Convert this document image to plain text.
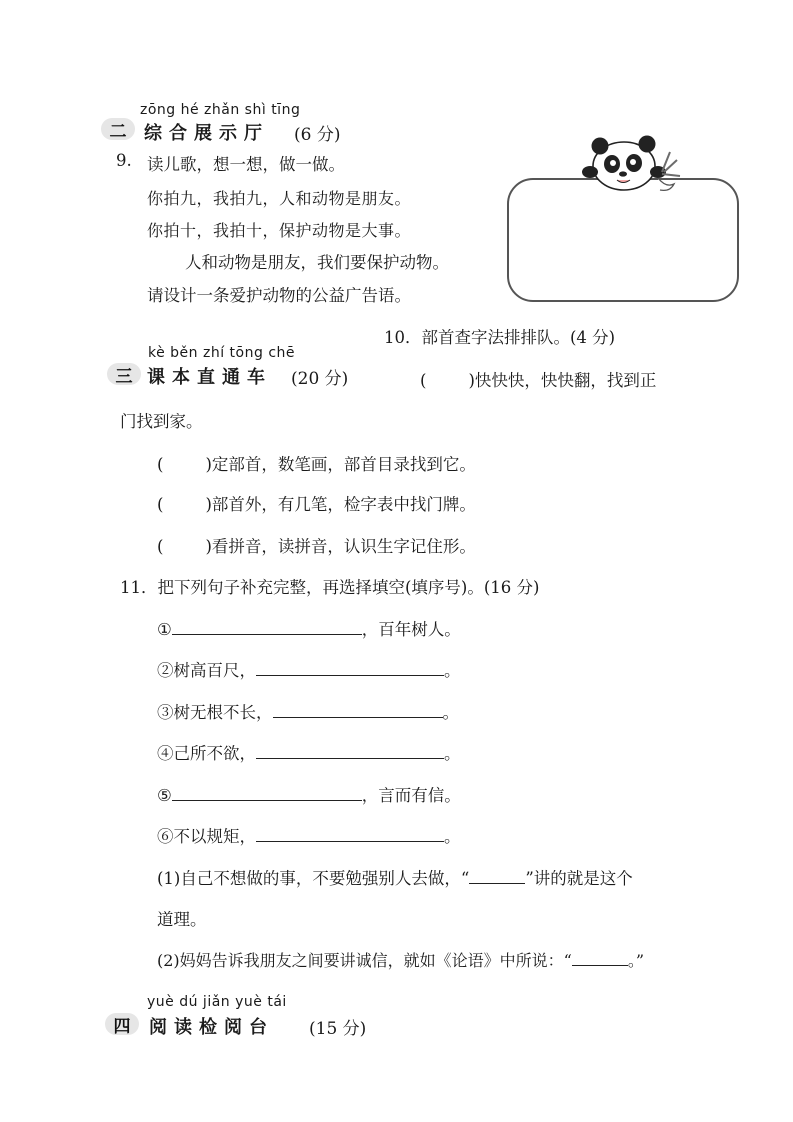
zōng hé zhǎn shì tīng
二 综合展示厅 (6 分)
9. 读儿歌，想一想，做一做。
你拍九，我拍九，人和动物是朋友。
你拍十，我拍十，保护动物是大事。
人和动物是朋友，我们要保护动物。
请设计一条爱护动物的公益广告语。
10．部首查字法排排队。(4 分)
kè běn zhí tōng chē
三 课本直通车 (20 分)	(	)快快快，快快翻，找到正
门找到家。
(	)定部首，数笔画，部首目录找到它。
(	)部首外，有几笔，检字表中找门牌。
(	)看拼音，读拼音，认识生字记住形。
11．把下列句子补充完整，再选择填空(填序号)。(16 分)
①	，百年树人。
②树高百尺，	。
③树无根不长，	。
④己所不欲，	。
⑤	，言而有信。
⑥不以规矩，	。
(1)自己不想做的事，不要勉强别人去做，“	”讲的就是这个
道理。
(2)妈妈告诉我朋友之间要讲诚信，就如《论语》中所说：“	。”
yuè dú jiǎn yuè tái
四	阅读检阅台 (15 分)
